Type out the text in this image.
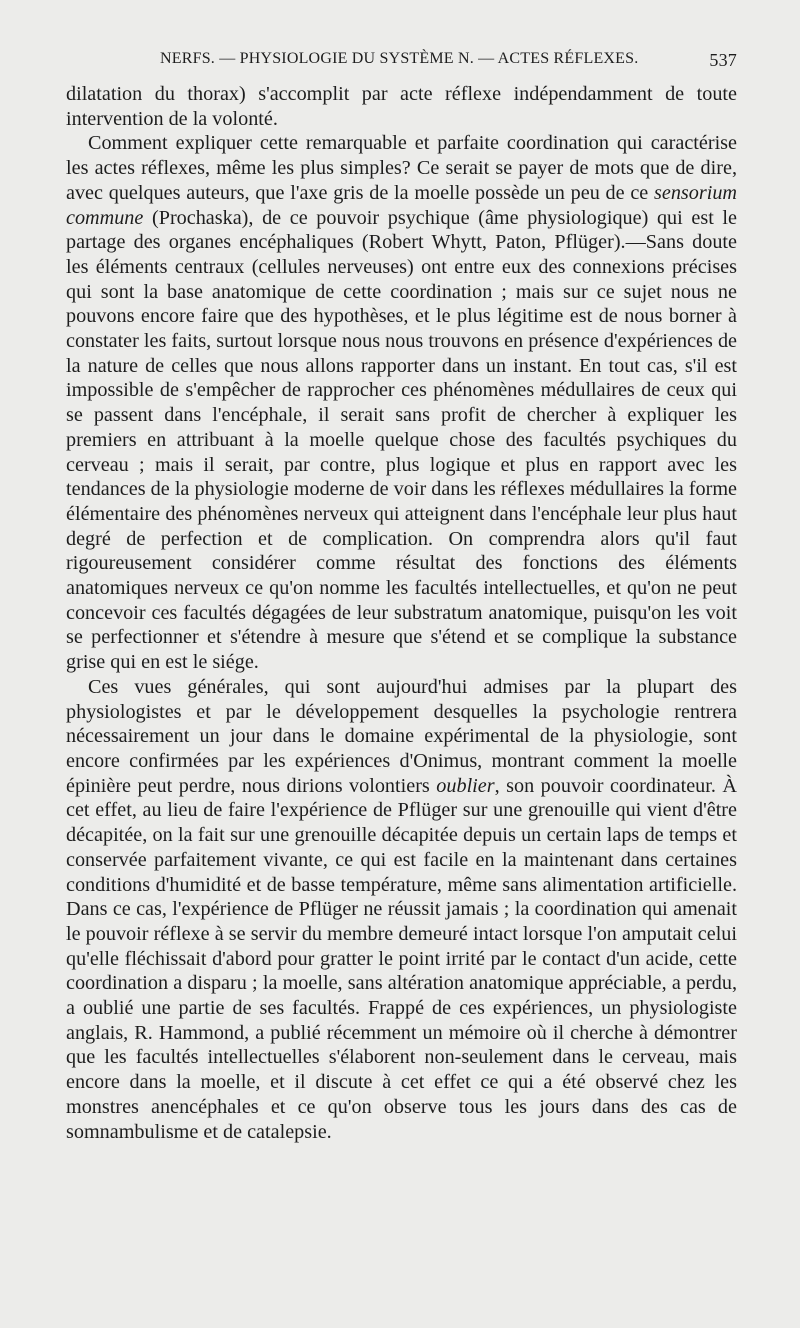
NERFS. — PHYSIOLOGIE DU SYSTÈME N. — ACTES RÉFLEXES.	537

dilatation du thorax) s'accomplit par acte réflexe indépendamment de toute intervention de la volonté.

Comment expliquer cette remarquable et parfaite coordination qui caractérise les actes réflexes, même les plus simples? Ce serait se payer de mots que de dire, avec quelques auteurs, que l'axe gris de la moelle possède un peu de ce sensorium commune (Prochaska), de ce pouvoir psychique (âme physiologique) qui est le partage des organes encéphaliques (Robert Whytt, Paton, Pflüger).—Sans doute les éléments centraux (cellules nerveuses) ont entre eux des connexions précises qui sont la base anatomique de cette coordination ; mais sur ce sujet nous ne pouvons encore faire que des hypothèses, et le plus légitime est de nous borner à constater les faits, surtout lorsque nous nous trouvons en présence d'expériences de la nature de celles que nous allons rapporter dans un instant. En tout cas, s'il est impossible de s'empêcher de rapprocher ces phénomènes médullaires de ceux qui se passent dans l'encéphale, il serait sans profit de chercher à expliquer les premiers en attribuant à la moelle quelque chose des facultés psychiques du cerveau ; mais il serait, par contre, plus logique et plus en rapport avec les tendances de la physiologie moderne de voir dans les réflexes médullaires la forme élémentaire des phénomènes nerveux qui atteignent dans l'encéphale leur plus haut degré de perfection et de complication. On comprendra alors qu'il faut rigoureusement considérer comme résultat des fonctions des éléments anatomiques nerveux ce qu'on nomme les facultés intellectuelles, et qu'on ne peut concevoir ces facultés dégagées de leur substratum anatomique, puisqu'on les voit se perfectionner et s'étendre à mesure que s'étend et se complique la substance grise qui en est le siége.

Ces vues générales, qui sont aujourd'hui admises par la plupart des physiologistes et par le développement desquelles la psychologie rentrera nécessairement un jour dans le domaine expérimental de la physiologie, sont encore confirmées par les expériences d'Onimus, montrant comment la moelle épinière peut perdre, nous dirions volontiers oublier, son pouvoir coordinateur. À cet effet, au lieu de faire l'expérience de Pflüger sur une grenouille qui vient d'être décapitée, on la fait sur une grenouille décapitée depuis un certain laps de temps et conservée parfaitement vivante, ce qui est facile en la maintenant dans certaines conditions d'humidité et de basse température, même sans alimentation artificielle. Dans ce cas, l'expérience de Pflüger ne réussit jamais ; la coordination qui amenait le pouvoir réflexe à se servir du membre demeuré intact lorsque l'on amputait celui qu'elle fléchissait d'abord pour gratter le point irrité par le contact d'un acide, cette coordination a disparu ; la moelle, sans altération anatomique appréciable, a perdu, a oublié une partie de ses facultés. Frappé de ces expériences, un physiologiste anglais, R. Hammond, a publié récemment un mémoire où il cherche à démontrer que les facultés intellectuelles s'élaborent non-seulement dans le cerveau, mais encore dans la moelle, et il discute à cet effet ce qui a été observé chez les monstres anencéphales et ce qu'on observe tous les jours dans des cas de somnambulisme et de catalepsie.
